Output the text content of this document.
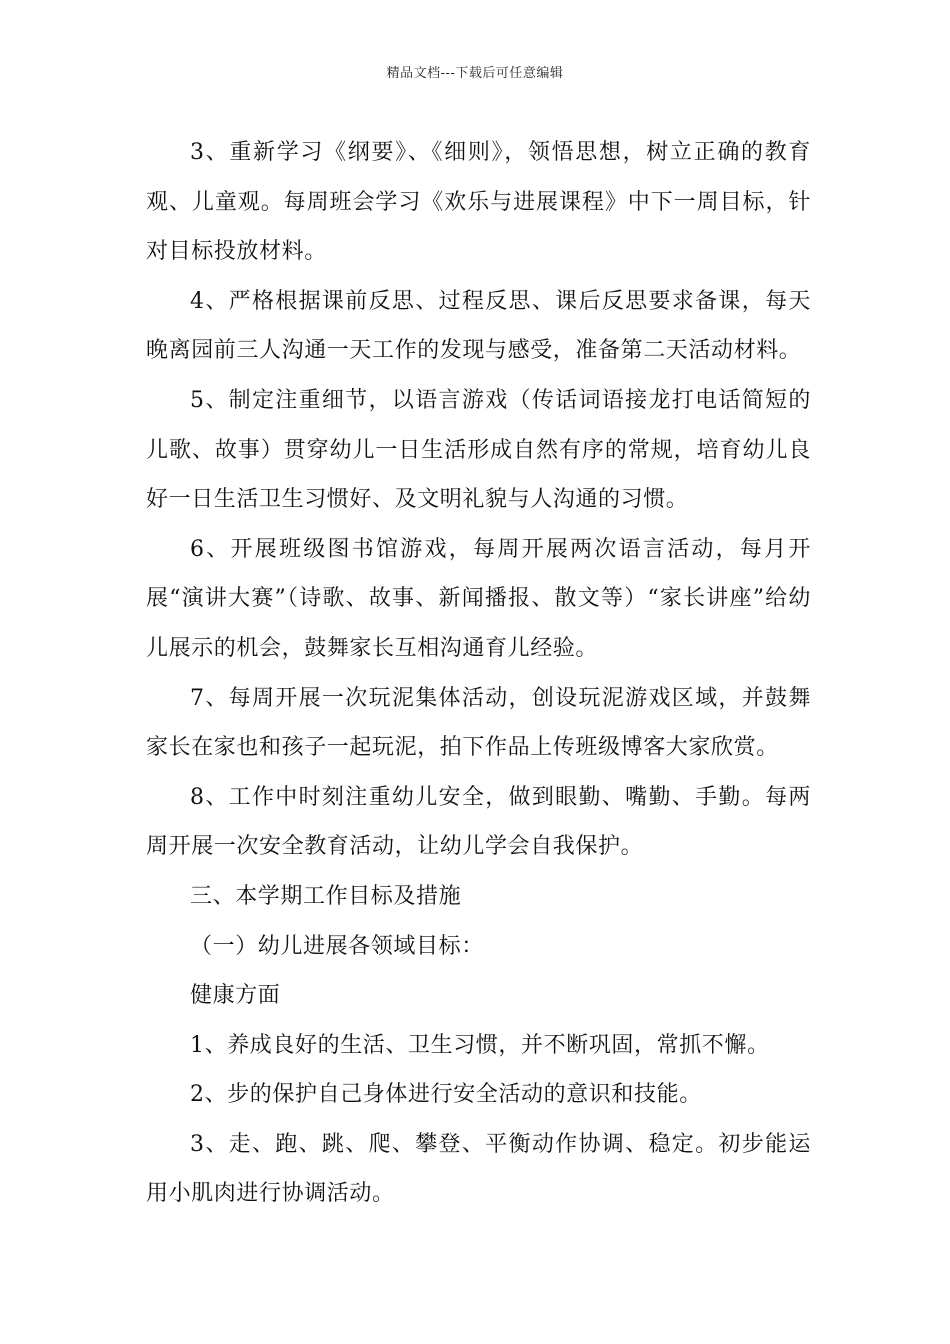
精品文档---下载后可任意编辑

3、重新学习《纲要》、《细则》，领悟思想，树立正确的教育观、儿童观。每周班会学习《欢乐与进展课程》中下一周目标，针对目标投放材料。

4、严格根据课前反思、过程反思、课后反思要求备课，每天晚离园前三人沟通一天工作的发现与感受，准备第二天活动材料。

5、制定注重细节，以语言游戏（传话词语接龙打电话简短的儿歌、故事）贯穿幼儿一日生活形成自然有序的常规，培育幼儿良好一日生活卫生习惯好、及文明礼貌与人沟通的习惯。

6、开展班级图书馆游戏，每周开展两次语言活动，每月开展“演讲大赛”（诗歌、故事、新闻播报、散文等）“家长讲座”给幼儿展示的机会，鼓舞家长互相沟通育儿经验。

7、每周开展一次玩泥集体活动，创设玩泥游戏区域，并鼓舞家长在家也和孩子一起玩泥，拍下作品上传班级博客大家欣赏。

8、工作中时刻注重幼儿安全，做到眼勤、嘴勤、手勤。每两周开展一次安全教育活动，让幼儿学会自我保护。

三、本学期工作目标及措施

（一）幼儿进展各领域目标：

健康方面

1、养成良好的生活、卫生习惯，并不断巩固，常抓不懈。

2、步的保护自己身体进行安全活动的意识和技能。

3、走、跑、跳、爬、攀登、平衡动作协调、稳定。初步能运用小肌肉进行协调活动。
